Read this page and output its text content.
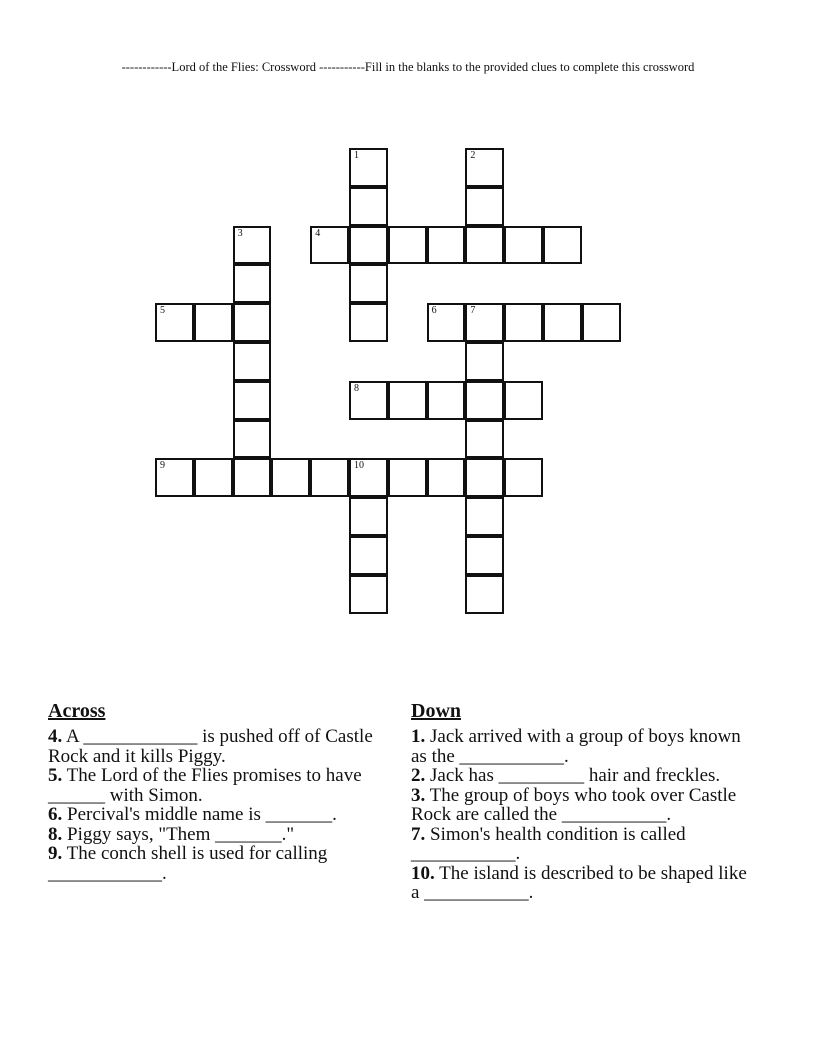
------------Lord of the Flies: Crossword -----------Fill in the blanks to the provided clues to complete this crossword
1	2
3	4
5	6	7
8
9	10
Across
4. A ____________ is pushed off of Castle Rock and it kills Piggy.
5. The Lord of the Flies promises to have ______ with Simon.
6. Percival's middle name is _______.
8. Piggy says, "Them _______."
9. The conch shell is used for calling ____________.
Down
1. Jack arrived with a group of boys known as the ___________.
2. Jack has _________ hair and freckles.
3. The group of boys who took over Castle Rock are called the ___________.
7. Simon's health condition is called ___________.
10. The island is described to be shaped like a ___________.
